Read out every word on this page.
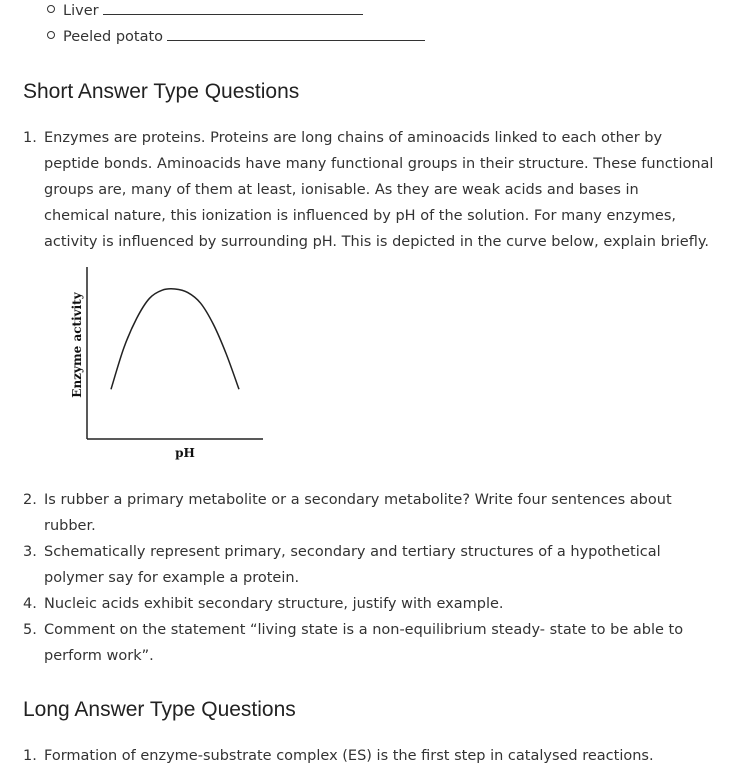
Liver
Peeled potato
Short Answer Type Questions
1. Enzymes are proteins. Proteins are long chains of aminoacids linked to each other by
peptide bonds. Aminoacids have many functional groups in their structure. These functional
groups are, many of them at least, ionisable. As they are weak acids and bases in
chemical nature, this ionization is influenced by pH of the solution. For many enzymes,
activity is influenced by surrounding pH. This is depicted in the curve below, explain briefly.
pH
Enzyme activity
2. Is rubber a primary metabolite or a secondary metabolite? Write four sentences about
rubber.
3. Schematically represent primary, secondary and tertiary structures of a hypothetical
polymer say for example a protein.
4. Nucleic acids exhibit secondary structure, justify with example.
5. Comment on the statement “living state is a non-equilibrium steady- state to be able to
perform work”.
Long Answer Type Questions
1. Formation of enzyme-substrate complex (ES) is the first step in catalysed reactions.
